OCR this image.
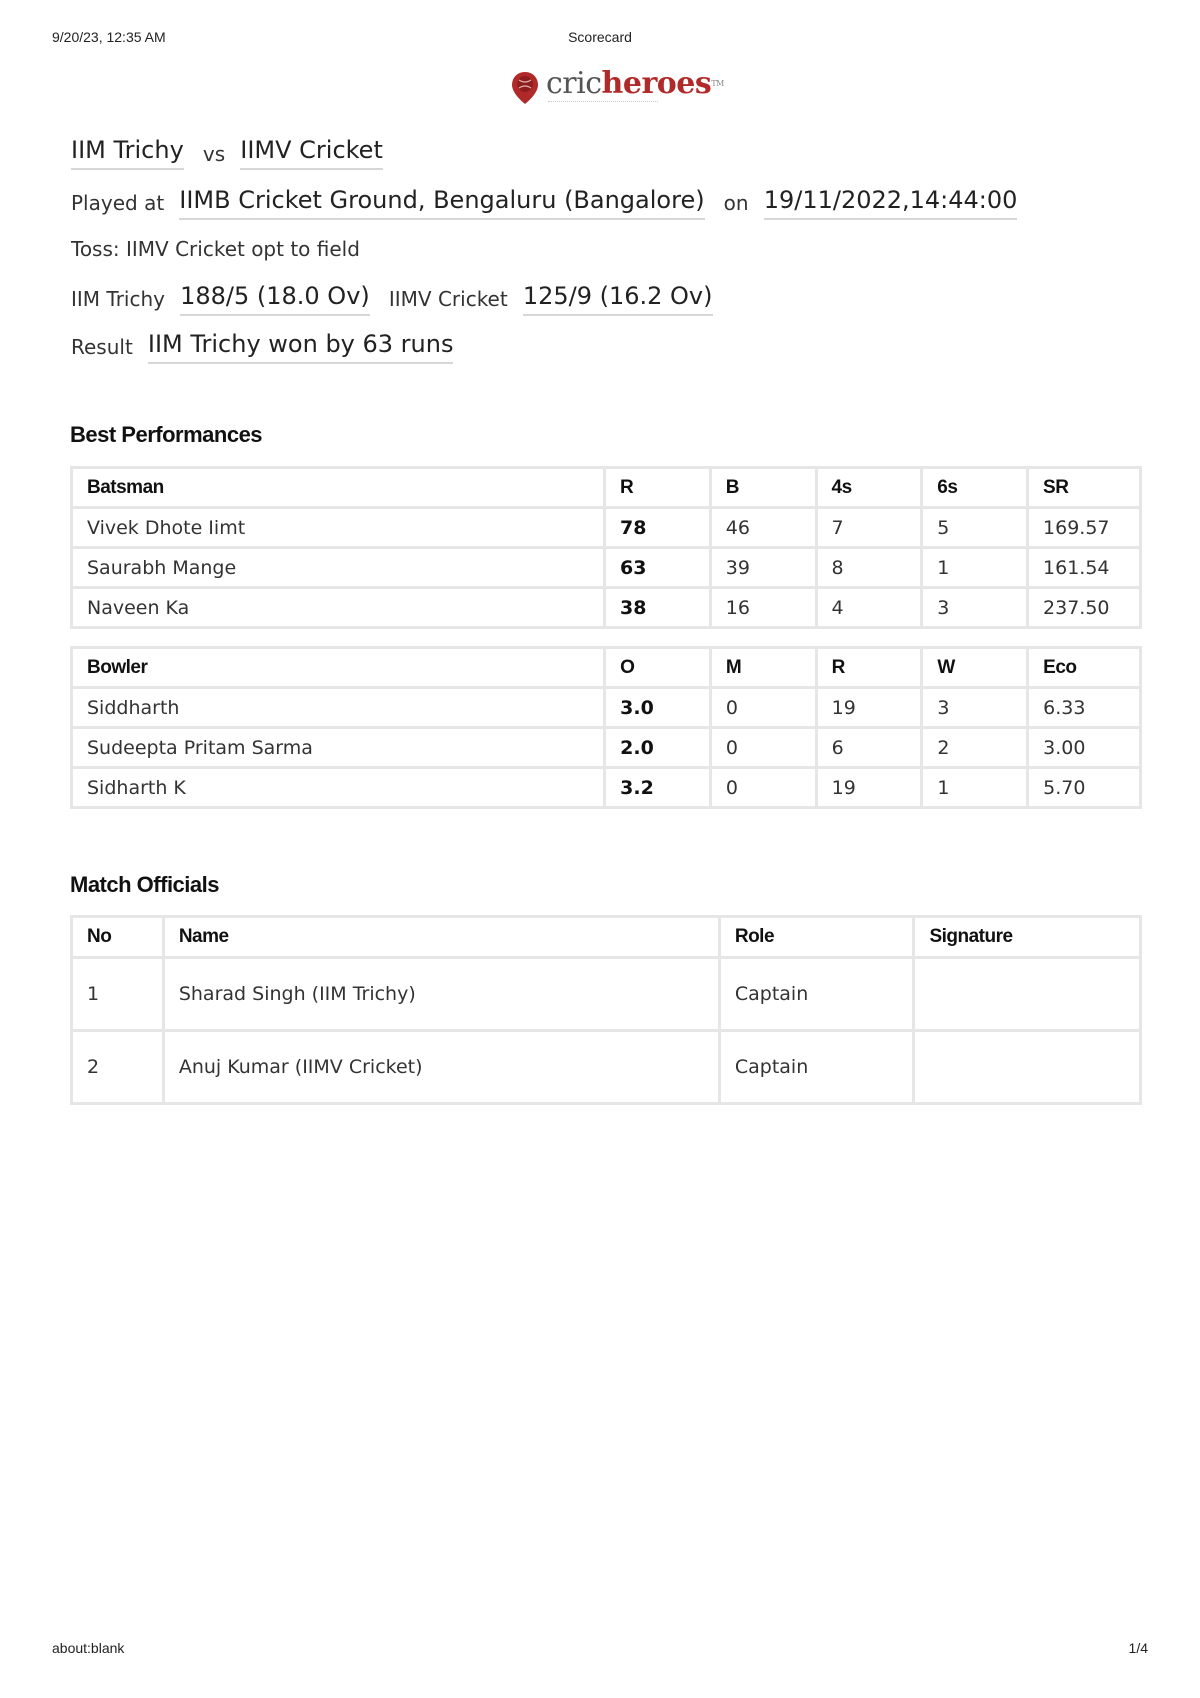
9/20/23, 12:35 AM	Scorecard
cricheroes™
IIM Trichy vs IIMV Cricket
Played at IIMB Cricket Ground, Bengaluru (Bangalore) on 19/11/2022,14:44:00
Toss: IIMV Cricket opt to field
IIM Trichy 188/5 (18.0 Ov) IIMV Cricket 125/9 (16.2 Ov)
Result IIM Trichy won by 63 runs
Best Performances
Batsman	R	B	4s	6s	SR
Vivek Dhote Iimt	78	46	7	5	169.57
Saurabh Mange	63	39	8	1	161.54
Naveen Ka	38	16	4	3	237.50
Bowler	O	M	R	W	Eco
Siddharth	3.0	0	19	3	6.33
Sudeepta Pritam Sarma	2.0	0	6	2	3.00
Sidharth K	3.2	0	19	1	5.70
Match Officials
No	Name	Role	Signature
1	Sharad Singh (IIM Trichy)	Captain	
2	Anuj Kumar (IIMV Cricket)	Captain	
about:blank	1/4
